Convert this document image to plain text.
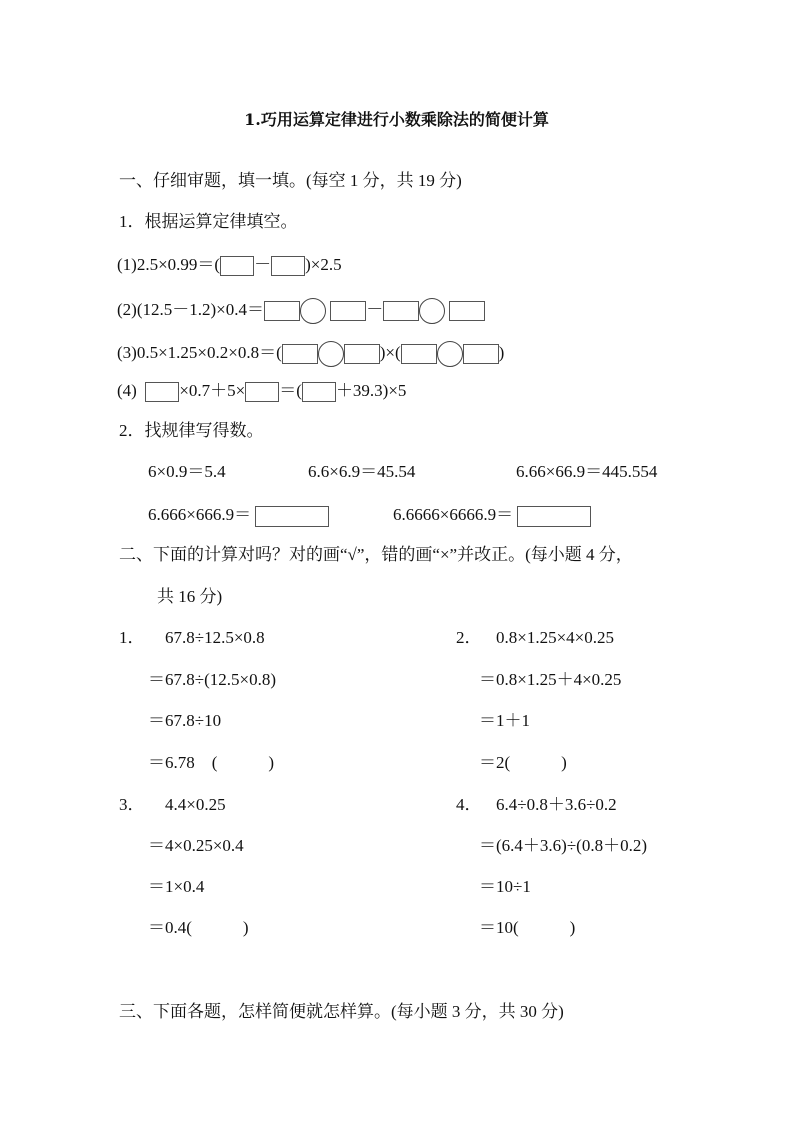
1.巧用运算定律进行小数乘除法的简便计算
一、仔细审题，填一填。(每空 1 分，共 19 分)
1．根据运算定律填空。
(1)2.5×0.99＝( － )×2.5
(2)(12.5－1.2)×0.4＝	－
(3)0.5×1.25×0.2×0.8＝(	)×(	)
(4)	×0.7＋5× ＝( ＋39.3)×5
2．找规律写得数。
6×0.9＝5.4	6.6×6.9＝45.54	6.66×66.9＝445.554
6.666×666.9＝	6.6666×6666.9＝
二、下面的计算对吗？对的画“√”，错的画“×”并改正。(每小题 4 分，
共 16 分)
1． 67.8÷12.5×0.8
＝67.8÷(12.5×0.8)
＝67.8÷10
＝6.78　(　　　)
2． 0.8×1.25×4×0.25
＝0.8×1.25＋4×0.25
＝1＋1
＝2(　　　)
3． 4.4×0.25
＝4×0.25×0.4
＝1×0.4
＝0.4(　　　)
4． 6.4÷0.8＋3.6÷0.2
＝(6.4＋3.6)÷(0.8＋0.2)
＝10÷1
＝10(　　　)
三、下面各题，怎样简便就怎样算。(每小题 3 分，共 30 分)
